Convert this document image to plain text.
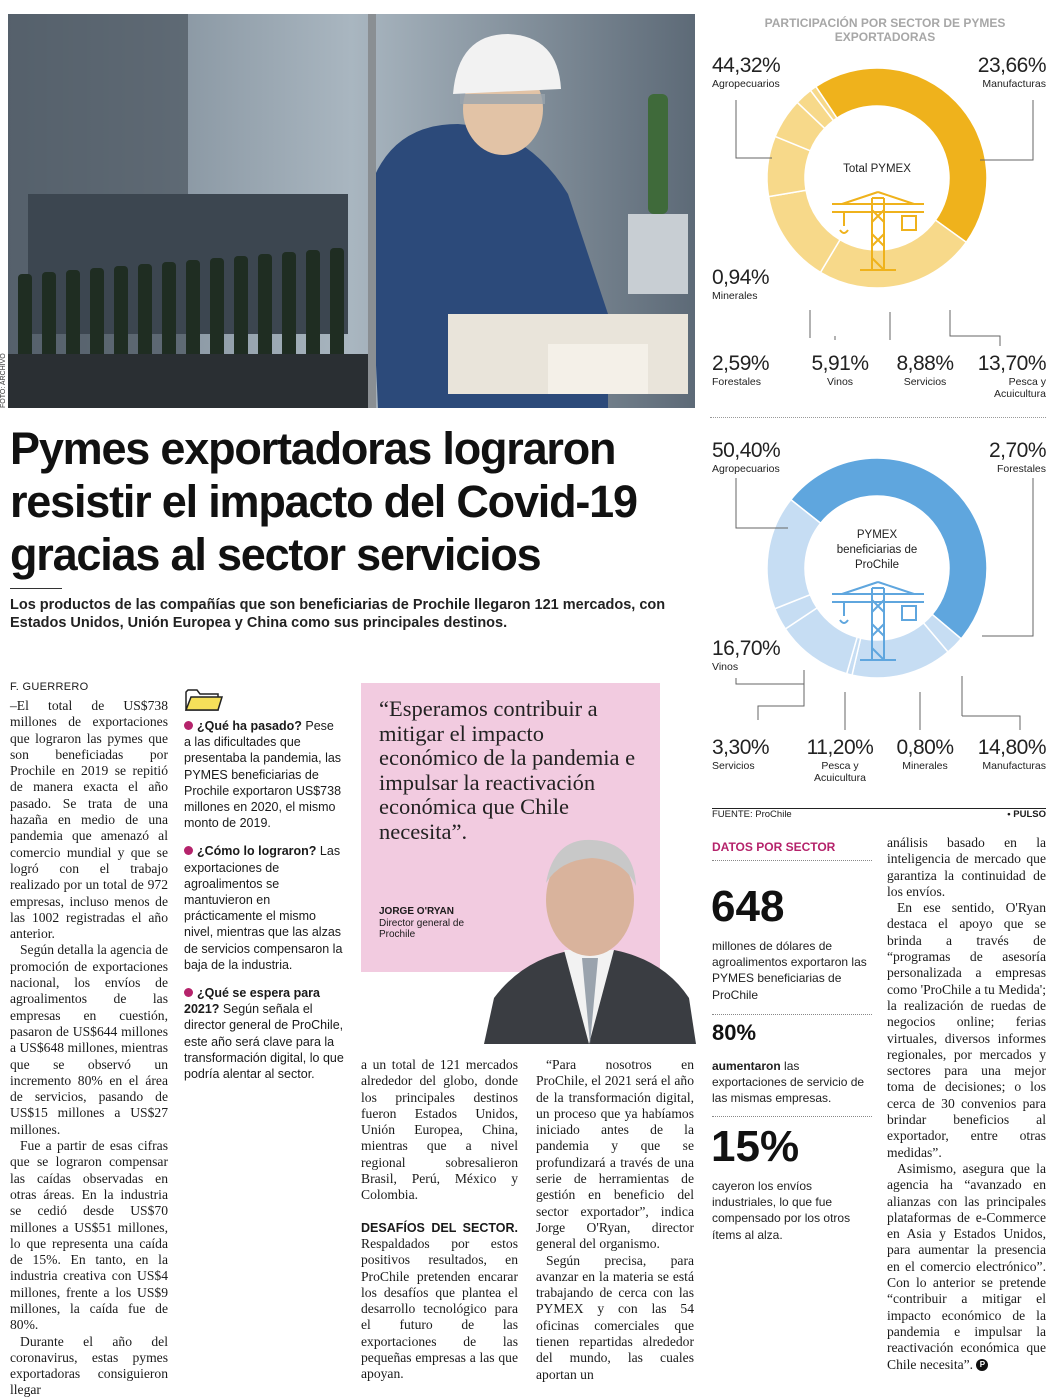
FOTO: ARCHIVO
Pymes exportadoras lograron resistir el impacto del Covid-19 gracias al sector servicios

Los productos de las compañías que son beneficiarias de Prochile llegaron 121 mercados, con Estados Unidos, Unión Europea y China como sus principales destinos.

F. GUERRERO

–El total de US$738 millones de exportaciones que lograron las pymes que son beneficiadas por Prochile en 2019 se repitió de manera exacta el año pasado. Se trata de una hazaña en medio de una pandemia que amenazó al comercio mundial y que se logró con el trabajo realizado por un total de 972 empresas, incluso menos de las 1002 registradas el año anterior.

Según detalla la agencia de promoción de exportaciones nacional, los envíos de agroalimentos de las empresas en cuestión, pasaron de US$644 millones a US$648 millones, mientras que se observó un incremento 80% en el área de servicios, pasando de US$15 millones a US$27 millones.

Fue a partir de esas cifras que se lograron compensar las caídas observadas en otras áreas. En la industria se cedió desde US$70 millones a US$51 millones, lo que representa una caída de 15%. En tanto, en la industria creativa con US$4 millones, frente a los US$9 millones, la caída fue de 80%.

Durante el año del coronavirus, estas pymes exportadoras consiguieron llegar

¿Qué ha pasado? Pese a las dificultades que presentaba la pandemia, las PYMES beneficiarias de Prochile exportaron US$738 millones en 2020, el mismo monto de 2019.

¿Cómo lo lograron? Las exportaciones de agroalimentos se mantuvieron en prácticamente el mismo nivel, mientras que las alzas de servicios compensaron la baja de la industria.

¿Qué se espera para 2021? Según señala el director general de ProChile, este año será clave para la transformación digital, lo que podría alentar al sector.

“Esperamos contribuir a mitigar el impacto económico de la pandemia e impulsar la reactivación económica que Chile necesita”.

JORGE O'RYAN
Director general de Prochile

a un total de 121 mercados alrededor del globo, donde los principales destinos fueron Estados Unidos, Unión Europea, China, mientras que a nivel regional sobresalieron Brasil, Perú, México y Colombia.

DESAFÍOS DEL SECTOR. Respaldados por estos positivos resultados, en ProChile pretenden encarar los desafíos que plantea el desarrollo tecnológico para el futuro de las exportaciones de las pequeñas empresas a las que apoyan.

“Para nosotros en ProChile, el 2021 será el año de la transformación digital, un proceso que ya habíamos iniciado antes de la pandemia y que se profundizará a través de una serie de herramientas de gestión en beneficio del sector exportador”, indica Jorge O'Ryan, director general del organismo.

Según precisa, para avanzar en la materia se está trabajando de cerca con las PYMEX y con las 54 oficinas comerciales que tienen repartidas alrededor del mundo, las cuales aportan un

PARTICIPACIÓN POR SECTOR DE PYMES EXPORTADORAS
Total PYMEX
44,32%
Agropecuarios
23,66%
Manufacturas
0,94%
Minerales
2,59%
Forestales
5,91%
Vinos
8,88%
Servicios
13,70%
Pesca y Acuicultura
PYMEX
beneficiarias de
ProChile
50,40%
Agropecuarios
2,70%
Forestales
16,70%
Vinos
3,30%
Servicios
11,20%
Pesca y Acuicultura
0,80%
Minerales
14,80%
Manufacturas
FUENTE: ProChile	• PULSO
DATOS POR SECTOR
648
millones de dólares de agroalimentos exportaron las PYMES beneficiarias de ProChile
80%
aumentaron las exportaciones de servicio de las mismas empresas.
15%
cayeron los envíos industriales, lo que fue compensado por los otros ítems al alza.

análisis basado en la inteligencia de mercado que garantiza la continuidad de los envíos.

En ese sentido, O'Ryan destaca el apoyo que se brinda a través de “programas de asesoría personalizada a empresas como 'ProChile a tu Medida'; la realización de ruedas de negocios online; ferias virtuales, diversos informes regionales, por mercados y sectores para una mejor toma de decisiones; o los cerca de 30 convenios para brindar beneficios al exportador, entre otras medidas”.

Asimismo, asegura que la agencia ha “avanzado en alianzas con las principales plataformas de e-Commerce en Asia y Estados Unidos, para aumentar la presencia en el comercio electrónico”. Con lo anterior se pretende “contribuir a mitigar el impacto económico de la pandemia e impulsar la reactivación económica que Chile necesita”. P
